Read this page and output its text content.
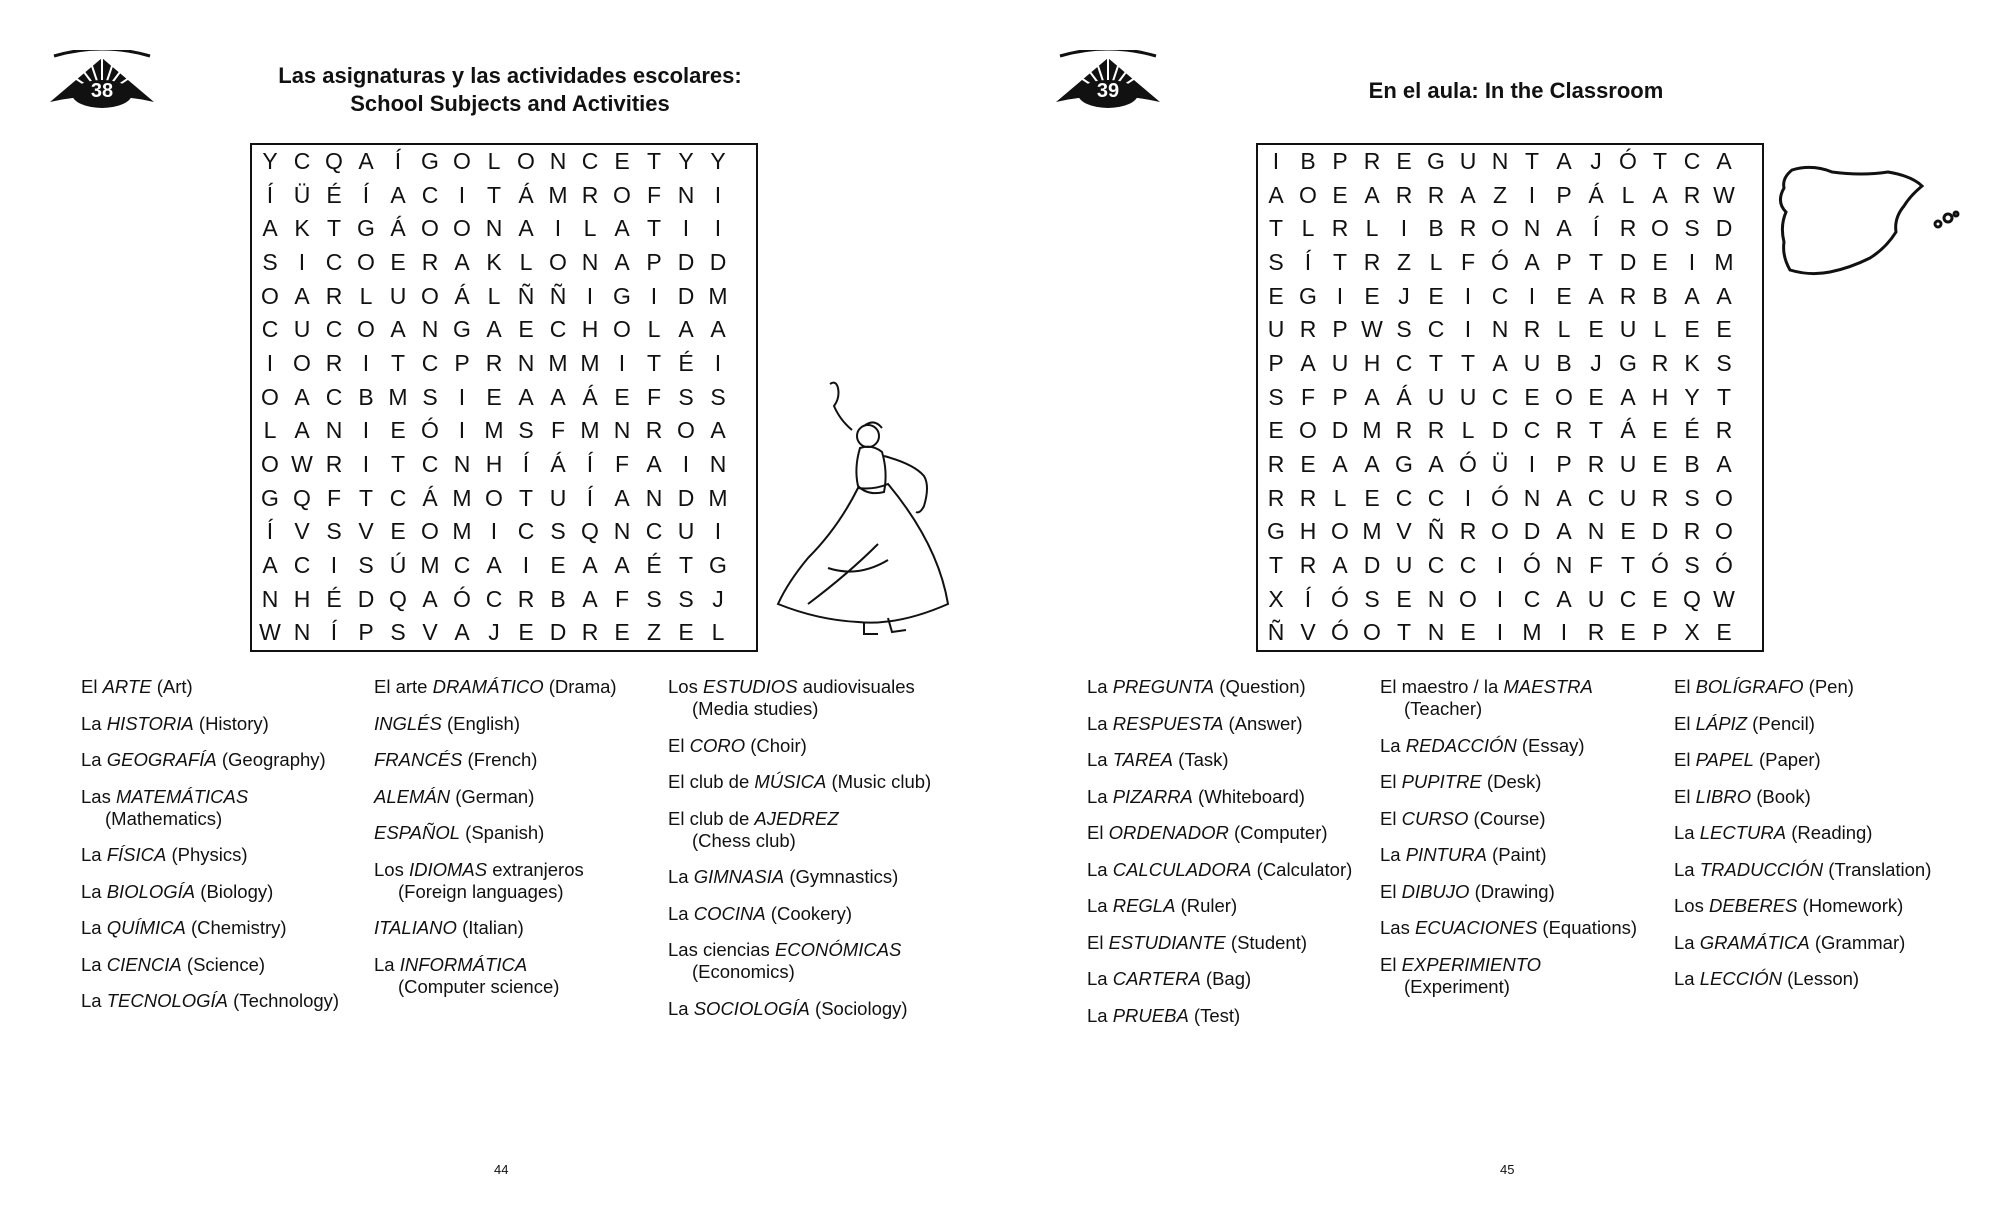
38
Las asignaturas y las actividades escolares:
School Subjects and Activities
Y C Q A Í G O L O N C E T Y Y
Í Ü É Í A C I T Á M R O F N I
A K T G Á O O N A I L A T I	I
S I C O E R A K L O N A P D D
O A R L U O Á L Ñ Ñ I G I D M
C U C O A N G A E C H O L A A
I O R I T C P R N M M I T É I
O A C B M S I E A A Á E F S S
L A N I E Ó I M S F M N R O A
O W R I T C N H Í Á Í F A I N
G Q F T C Á M O T U Í A N D M
Í V S V E O M I C S Q N C U I
A C I S Ú M C A I E A A É T G
N H É D Q A Ó C R B A F S S J
W N Í P S V A J E D R E Z E L
El ARTE (Art)
La HISTORIA (History)
La GEOGRAFÍA (Geography)
Las MATEMÁTICAS
(Mathematics)
La FÍSICA (Physics)
La BIOLOGÍA (Biology)
La QUÍMICA (Chemistry)
La CIENCIA (Science)
La TECNOLOGÍA (Technology)
El arte DRAMÁTICO (Drama)
INGLÉS (English)
FRANCÉS (French)
ALEMÁN (German)
ESPAÑOL (Spanish)
Los IDIOMAS extranjeros
(Foreign languages)
ITALIANO (Italian)
La INFORMÁTICA
(Computer science)
Los ESTUDIOS audiovisuales
(Media studies)
El CORO (Choir)
El club de MÚSICA (Music club)
El club de AJEDREZ
(Chess club)
La GIMNASIA (Gymnastics)
La COCINA (Cookery)
Las ciencias ECONÓMICAS
(Economics)
La SOCIOLOGÍA (Sociology)
44
39	En el aula: In the Classroom
I B P R E G U N T A J Ó T C A
A O E A R R A Z I P Á L A R W
T L R L I B R O N A Í R O S D
S Í T R Z L F Ó A P T D E I M
E G I E J E I C I E A R B A A
U R P W S C I N R L E U L E E
P A U H C T T A U B J G R K S
S F P A Á U U C E O E A H Y T
E O D M R R L D C R T Á E É R
R E A A G A Ó Ü I P R U E B A
R R L E C C I Ó N A C U R S O
G H O M V Ñ R O D A N E D R O
T R A D U C C I Ó N F T Ó S Ó
X Í Ó S E N O I C A U C E Q W
Ñ V Ó O T N E I M I R E P X E
La PREGUNTA (Question)
La RESPUESTA (Answer)
La TAREA (Task)
La PIZARRA (Whiteboard)
El ORDENADOR (Computer)
La CALCULADORA (Calculator)
La REGLA (Ruler)
El ESTUDIANTE (Student)
La CARTERA (Bag)
La PRUEBA (Test)
El maestro / la MAESTRA
(Teacher)
La REDACCIÓN (Essay)
El PUPITRE (Desk)
El CURSO (Course)
La PINTURA (Paint)
El DIBUJO (Drawing)
Las ECUACIONES (Equations)
El EXPERIMIENTO
(Experiment)
El BOLÍGRAFO (Pen)
El LÁPIZ (Pencil)
El PAPEL (Paper)
El LIBRO (Book)
La LECTURA (Reading)
La TRADUCCIÓN (Translation)
Los DEBERES (Homework)
La GRAMÁTICA (Grammar)
La LECCIÓN (Lesson)
45
